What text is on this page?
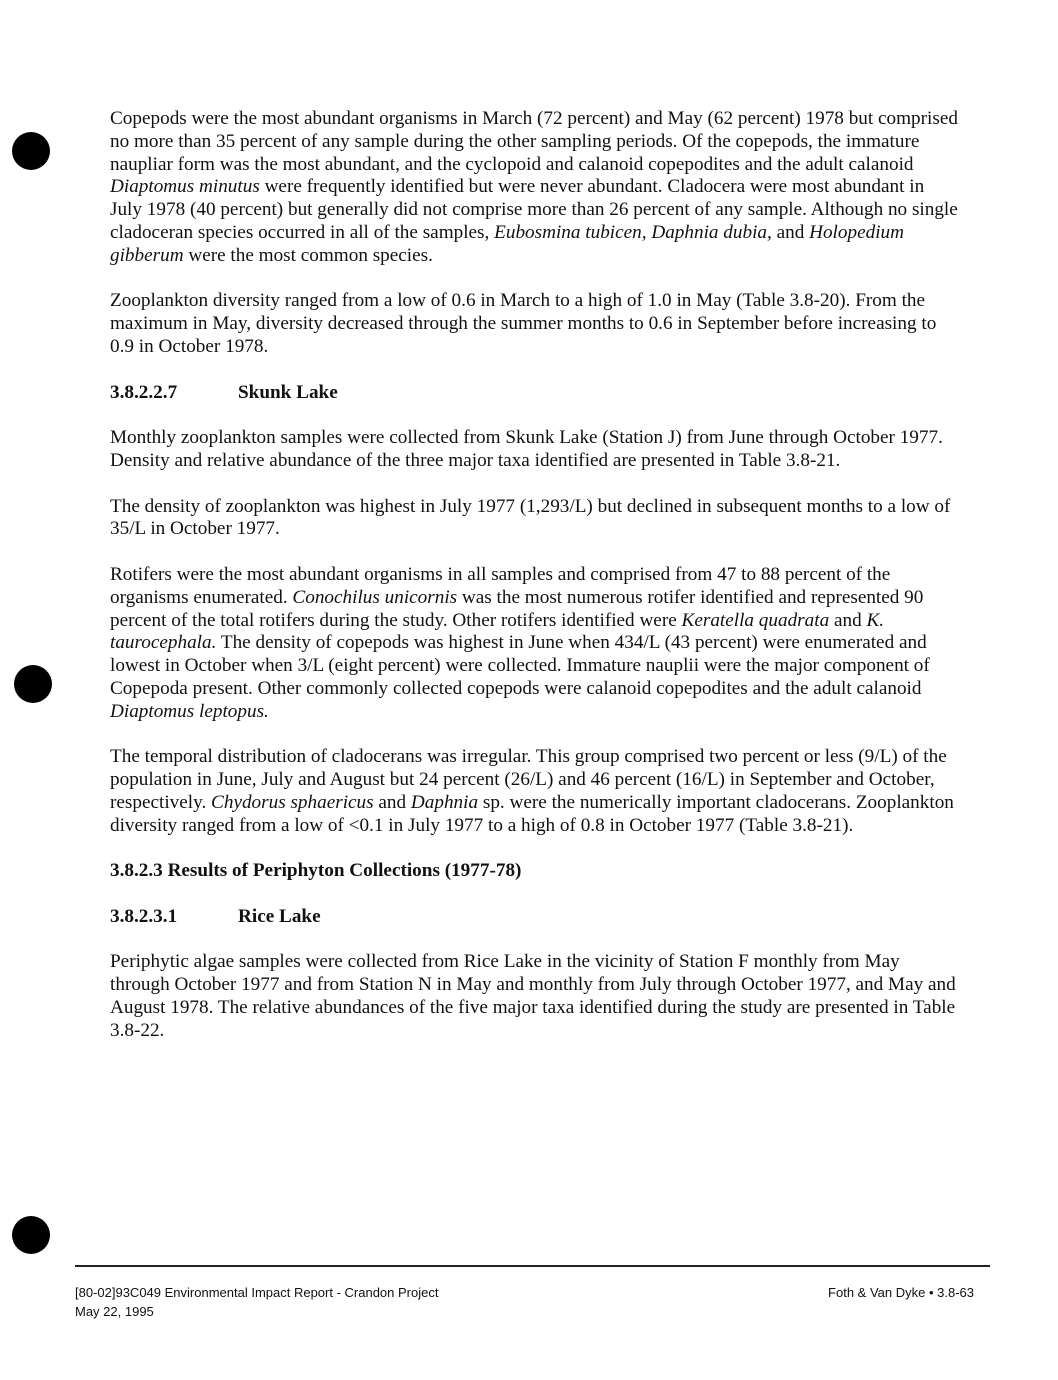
Copepods were the most abundant organisms in March (72 percent) and May (62 percent) 1978 but comprised no more than 35 percent of any sample during the other sampling periods. Of the copepods, the immature naupliar form was the most abundant, and the cyclopoid and calanoid copepodites and the adult calanoid Diaptomus minutus were frequently identified but were never abundant. Cladocera were most abundant in July 1978 (40 percent) but generally did not comprise more than 26 percent of any sample. Although no single cladoceran species occurred in all of the samples, Eubosmina tubicen, Daphnia dubia, and Holopedium gibberum were the most common species.

Zooplankton diversity ranged from a low of 0.6 in March to a high of 1.0 in May (Table 3.8-20). From the maximum in May, diversity decreased through the summer months to 0.6 in September before increasing to 0.9 in October 1978.

3.8.2.2.7	Skunk Lake

Monthly zooplankton samples were collected from Skunk Lake (Station J) from June through October 1977. Density and relative abundance of the three major taxa identified are presented in Table 3.8-21.

The density of zooplankton was highest in July 1977 (1,293/L) but declined in subsequent months to a low of 35/L in October 1977.

Rotifers were the most abundant organisms in all samples and comprised from 47 to 88 percent of the organisms enumerated. Conochilus unicornis was the most numerous rotifer identified and represented 90 percent of the total rotifers during the study. Other rotifers identified were Keratella quadrata and K. taurocephala. The density of copepods was highest in June when 434/L (43 percent) were enumerated and lowest in October when 3/L (eight percent) were collected. Immature nauplii were the major component of Copepoda present. Other commonly collected copepods were calanoid copepodites and the adult calanoid Diaptomus leptopus.

The temporal distribution of cladocerans was irregular. This group comprised two percent or less (9/L) of the population in June, July and August but 24 percent (26/L) and 46 percent (16/L) in September and October, respectively. Chydorus sphaericus and Daphnia sp. were the numerically important cladocerans. Zooplankton diversity ranged from a low of <0.1 in July 1977 to a high of 0.8 in October 1977 (Table 3.8-21).

3.8.2.3 Results of Periphyton Collections (1977-78)

3.8.2.3.1	Rice Lake

Periphytic algae samples were collected from Rice Lake in the vicinity of Station F monthly from May through October 1977 and from Station N in May and monthly from July through October 1977, and May and August 1978. The relative abundances of the five major taxa identified during the study are presented in Table 3.8-22.

[80-02]93C049 Environmental Impact Report - Crandon Project
May 22, 1995
Foth & Van Dyke • 3.8-63
